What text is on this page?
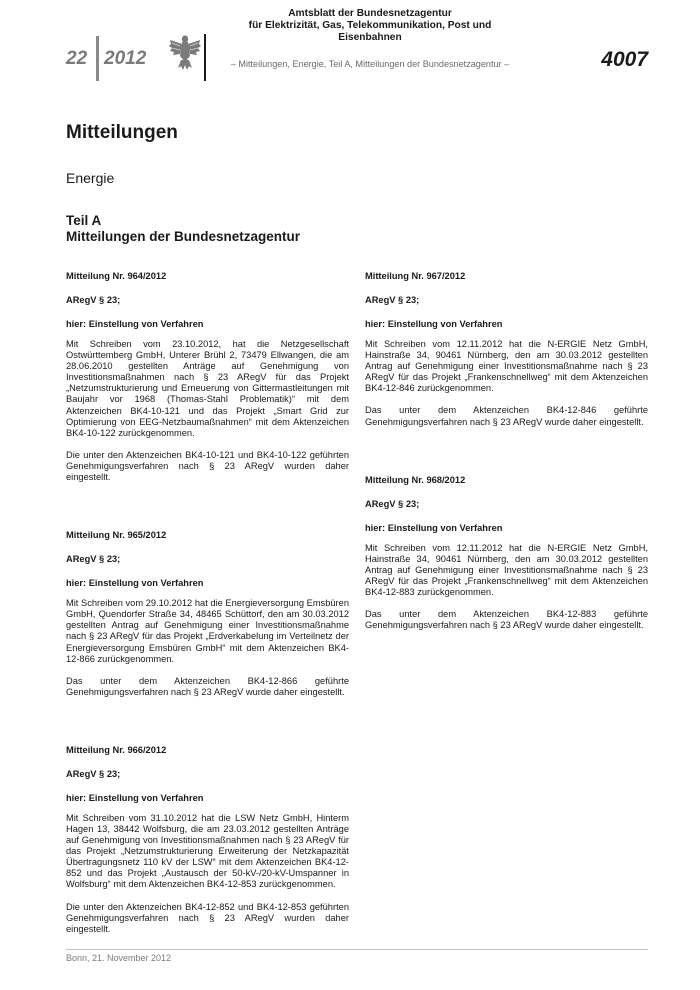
22 2012
Amtsblatt der Bundesnetzagentur
für Elektrizität, Gas, Telekommunikation, Post und Eisenbahnen
– Mitteilungen, Energie, Teil A, Mitteilungen der Bundesnetzagentur –	4007
Mitteilungen
Energie
Teil A
Mitteilungen der Bundesnetzagentur

Mitteilung Nr. 964/2012

ARegV § 23;

hier: Einstellung von Verfahren

Mit Schreiben vom 23.10.2012, hat die Netzgesellschaft Ostwürttemberg GmbH, Unterer Brühl 2, 73479 Ellwangen, die am 28.06.2010 gestellten Anträge auf Genehmigung von Investitionsmaßnahmen nach § 23 ARegV für das Projekt „Netzumstrukturierung und Erneuerung von Gittermastleitungen mit Baujahr vor 1968 (Thomas-Stahl Problematik)“ mit dem Aktenzeichen BK4-10-121 und das Projekt „Smart Grid zur Optimierung von EEG-Netzbaumaßnahmen“ mit dem Aktenzeichen BK4-10-122 zurückgenommen.

Die unter den Aktenzeichen BK4-10-121 und BK4-10-122 geführten Genehmigungsverfahren nach § 23 ARegV wurden daher eingestellt.

Mitteilung Nr. 965/2012

ARegV § 23;

hier: Einstellung von Verfahren

Mit Schreiben vom 29.10.2012 hat die Energieversorgung Emsbüren GmbH, Quendorfer Straße 34, 48465 Schüttorf, den am 30.03.2012 gestellten Antrag auf Genehmigung einer Investitionsmaßnahme nach § 23 ARegV für das Projekt „Erdverkabelung im Verteilnetz der Energieversorgung Emsbüren GmbH“ mit dem Aktenzeichen BK4-12-866 zurückgenommen.

Das unter dem Aktenzeichen BK4-12-866 geführte Genehmigungsverfahren nach § 23 ARegV wurde daher eingestellt.

Mitteilung Nr. 966/2012

ARegV § 23;

hier: Einstellung von Verfahren

Mit Schreiben vom 31.10.2012 hat die LSW Netz GmbH, Hinterm Hagen 13, 38442 Wolfsburg, die am 23.03.2012 gestellten Anträge auf Genehmigung von Investitionsmaßnahmen nach § 23 ARegV für das Projekt „Netzumstrukturierung Erweiterung der Netzkapazität Übertragungsnetz 110 kV der LSW“ mit dem Aktenzeichen BK4-12-852 und das Projekt „Austausch der 50-kV-/20-kV-Umspanner in Wolfsburg“ mit dem Aktenzeichen BK4-12-853 zurückgenommen.

Die unter den Aktenzeichen BK4-12-852 und BK4-12-853 geführten Genehmigungsverfahren nach § 23 ARegV wurden daher eingestellt.

Mitteilung Nr. 967/2012

ARegV § 23;

hier: Einstellung von Verfahren

Mit Schreiben vom 12.11.2012 hat die N-ERGIE Netz GmbH, Hainstraße 34, 90461 Nürnberg, den am 30.03.2012 gestellten Antrag auf Genehmigung einer Investitionsmaßnahme nach § 23 ARegV für das Projekt „Frankenschnellweg“ mit dem Aktenzeichen BK4-12-846 zurückgenommen.

Das unter dem Aktenzeichen BK4-12-846 geführte Genehmigungsverfahren nach § 23 ARegV wurde daher eingestellt.

Mitteilung Nr. 968/2012

ARegV § 23;

hier: Einstellung von Verfahren

Mit Schreiben vom 12.11.2012 hat die N-ERGIE Netz GmbH, Hainstraße 34, 90461 Nürnberg, den am 30.03.2012 gestellten Antrag auf Genehmigung einer Investitionsmaßnahme nach § 23 ARegV für das Projekt „Frankenschnellweg“ mit dem Aktenzeichen BK4-12-883 zurückgenommen.

Das unter dem Aktenzeichen BK4-12-883 geführte Genehmigungsverfahren nach § 23 ARegV wurde daher eingestellt.

Bonn, 21. November 2012
